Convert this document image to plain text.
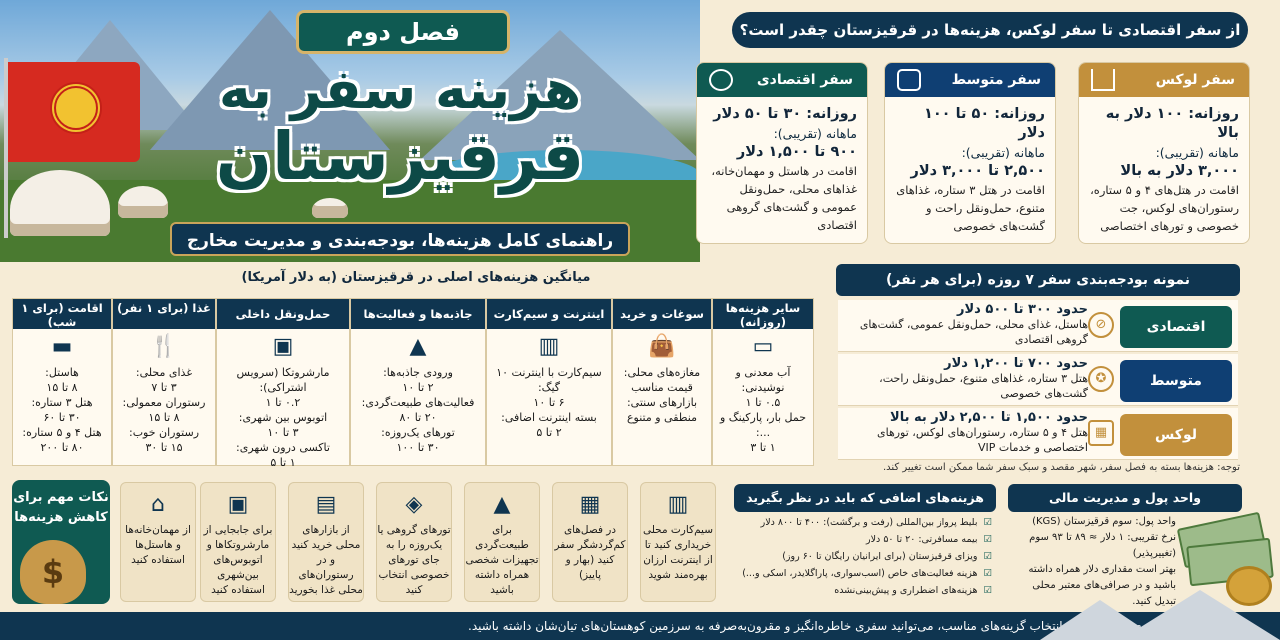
فصل دوم
هزینه سفر به
قرقیزستان
راهنمای کامل هزینه‌ها، بودجه‌بندی و مدیریت مخارج
از سفر اقتصادی تا سفر لوکس، هزینه‌ها در قرقیزستان چقدر است؟
سفر اقتصادی
روزانه: ۳۰ تا ۵۰ دلار
ماهانه (تقریبی):
۹۰۰ تا ۱,۵۰۰ دلار
اقامت در هاستل و مهمان‌خانه، غذاهای محلی، حمل‌ونقل عمومی و گشت‌های گروهی اقتصادی
سفر متوسط
روزانه: ۵۰ تا ۱۰۰ دلار
ماهانه (تقریبی):
۲,۵۰۰ تا ۳,۰۰۰ دلار
اقامت در هتل ۳ ستاره، غذاهای متنوع، حمل‌ونقل راحت و گشت‌های خصوصی
سفر لوکس
روزانه: ۱۰۰ دلار به بالا
ماهانه (تقریبی):
۳,۰۰۰ دلار به بالا
اقامت در هتل‌های ۴ و ۵ ستاره، رستوران‌های لوکس، جت خصوصی و تورهای اختصاصی
نمونه بودجه‌بندی سفر ۷ روزه (برای هر نفر)
اقتصادی
⊘
حدود ۳۰۰ تا ۵۰۰ دلار
هاستل، غذای محلی، حمل‌ونقل عمومی، گشت‌های گروهی اقتصادی
متوسط
✪
حدود ۷۰۰ تا ۱,۲۰۰ دلار
هتل ۳ ستاره، غذاهای متنوع، حمل‌ونقل راحت، گشت‌های خصوصی
لوکس
▦
حدود ۱,۵۰۰ تا ۲,۵۰۰ دلار به بالا
هتل ۴ و ۵ ستاره، رستوران‌های لوکس، تورهای اختصاصی و خدمات VIP
توجه: هزینه‌ها بسته به فصل سفر، شهر مقصد و سبک سفر شما ممکن است تغییر کند.
میانگین هزینه‌های اصلی در قرقیزستان (به دلار آمریکا)
سایر هزینه‌ها (روزانه)
▭
آب معدنی و نوشیدنی:
۰.۵ تا ۱
حمل بار، پارکینگ و ...:
۱ تا ۳
سوغات و خرید
👜
مغازه‌های محلی:
قیمت مناسب
بازارهای سنتی:
منطقی و متنوع
اینترنت و سیم‌کارت
▥
سیم‌کارت با اینترنت ۱۰ گیگ:
۶ تا ۱۰
بسته اینترنت اضافی:
۲ تا ۵
جاذبه‌ها و فعالیت‌ها
▲
ورودی جاذبه‌ها:
۲ تا ۱۰
فعالیت‌های طبیعت‌گردی:
۲۰ تا ۸۰
تورهای یک‌روزه:
۳۰ تا ۱۰۰
حمل‌ونقل داخلی
▣
مارشروتکا (سرویس اشتراکی):
۰.۲ تا ۱
اتوبوس بین شهری:
۳ تا ۱۰
تاکسی درون شهری:
۱ تا ۵
غذا (برای ۱ نفر)
🍴
غذای محلی:
۳ تا ۷
رستوران معمولی:
۸ تا ۱۵
رستوران خوب:
۱۵ تا ۳۰
اقامت (برای ۱ شب)
▬
هاستل:
۸ تا ۱۵
هتل ۳ ستاره:
۳۰ تا ۶۰
هتل ۴ و ۵ ستاره:
۸۰ تا ۲۰۰
نکات مهم برای کاهش هزینه‌ها
$
⌂
از مهمان‌خانه‌ها و هاستل‌ها استفاده کنید
▣
برای جابجایی از مارشروتکاها و اتوبوس‌های بین‌شهری استفاده کنید
▤
از بازارهای محلی خرید کنید و در رستوران‌های محلی غذا بخورید
◈
تورهای گروهی یا یک‌روزه را به جای تورهای خصوصی انتخاب کنید
▲
برای طبیعت‌گردی تجهیزات شخصی همراه داشته باشید
▦
در فصل‌های کم‌گردشگر سفر کنید (بهار و پاییز)
▥
سیم‌کارت محلی خریداری کنید تا از اینترنت ارزان بهره‌مند شوید
هزینه‌های اضافی که باید در نظر بگیرید
☑بلیط پرواز بین‌المللی (رفت و برگشت): ۴۰۰ تا ۸۰۰ دلار
☑بیمه مسافرتی: ۲۰ تا ۵۰ دلار
☑ویزای قرقیزستان (برای ایرانیان رایگان تا ۶۰ روز)
☑هزینه فعالیت‌های خاص (اسب‌سواری، پاراگلایدر، اسکی و...)
☑هزینه‌های اضطراری و پیش‌بینی‌نشده
واحد پول و مدیریت مالی
واحد پول: سوم قرقیزستان (KGS)
نرخ تقریبی: ۱ دلار ≈ ۸۹ تا ۹۳ سوم
(تغییرپذیر)
بهتر است مقداری دلار همراه داشته باشید و در صرافی‌های معتبر محلی تبدیل کنید.
✦ با برنامه‌ریزی هوشمندانه و انتخاب گزینه‌های مناسب، می‌توانید سفری خاطره‌انگیز و مقرون‌به‌صرفه به سرزمین کوهستان‌های تیان‌شان داشته باشید.
